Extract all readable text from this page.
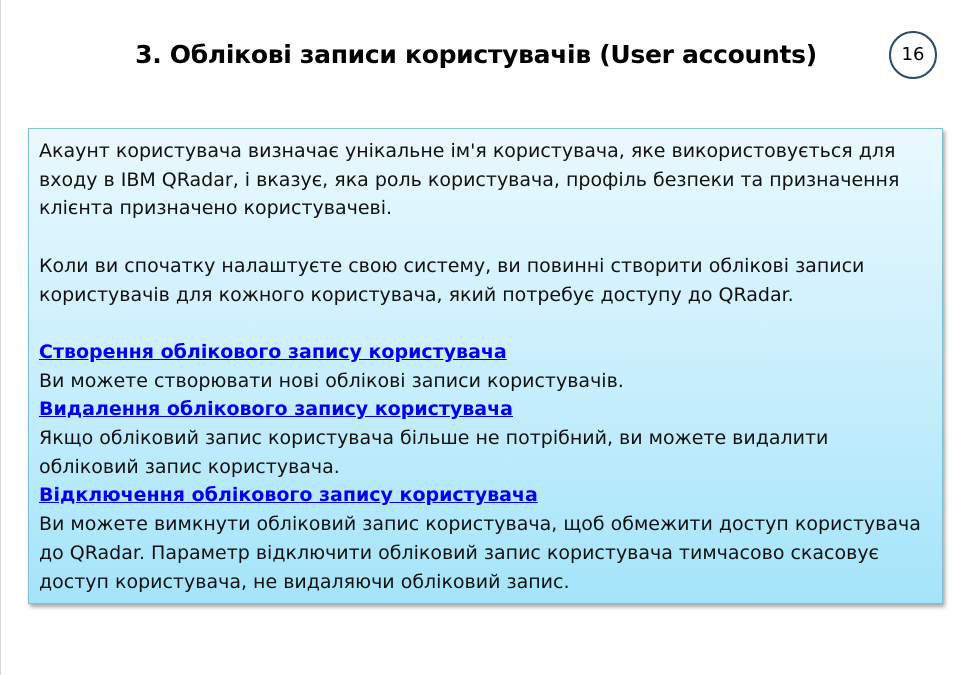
3. Облікові записи користувачів (User accounts)	16

Акаунт користувача визначає унікальне ім'я користувача, яке використовується для входу в IBM QRadar, і вказує, яка роль користувача, профіль безпеки та призначення клієнта призначено користувачеві.

Коли ви спочатку налаштуєте свою систему, ви повинні створити облікові записи користувачів для кожного користувача, який потребує доступу до QRadar.

Створення облікового запису користувача

Ви можете створювати нові облікові записи користувачів.

Видалення облікового запису користувача

Якщо обліковий запис користувача більше не потрібний, ви можете видалити обліковий запис користувача.

Відключення облікового запису користувача

Ви можете вимкнути обліковий запис користувача, щоб обмежити доступ користувача до QRadar. Параметр відключити обліковий запис користувача тимчасово скасовує доступ користувача, не видаляючи обліковий запис.
